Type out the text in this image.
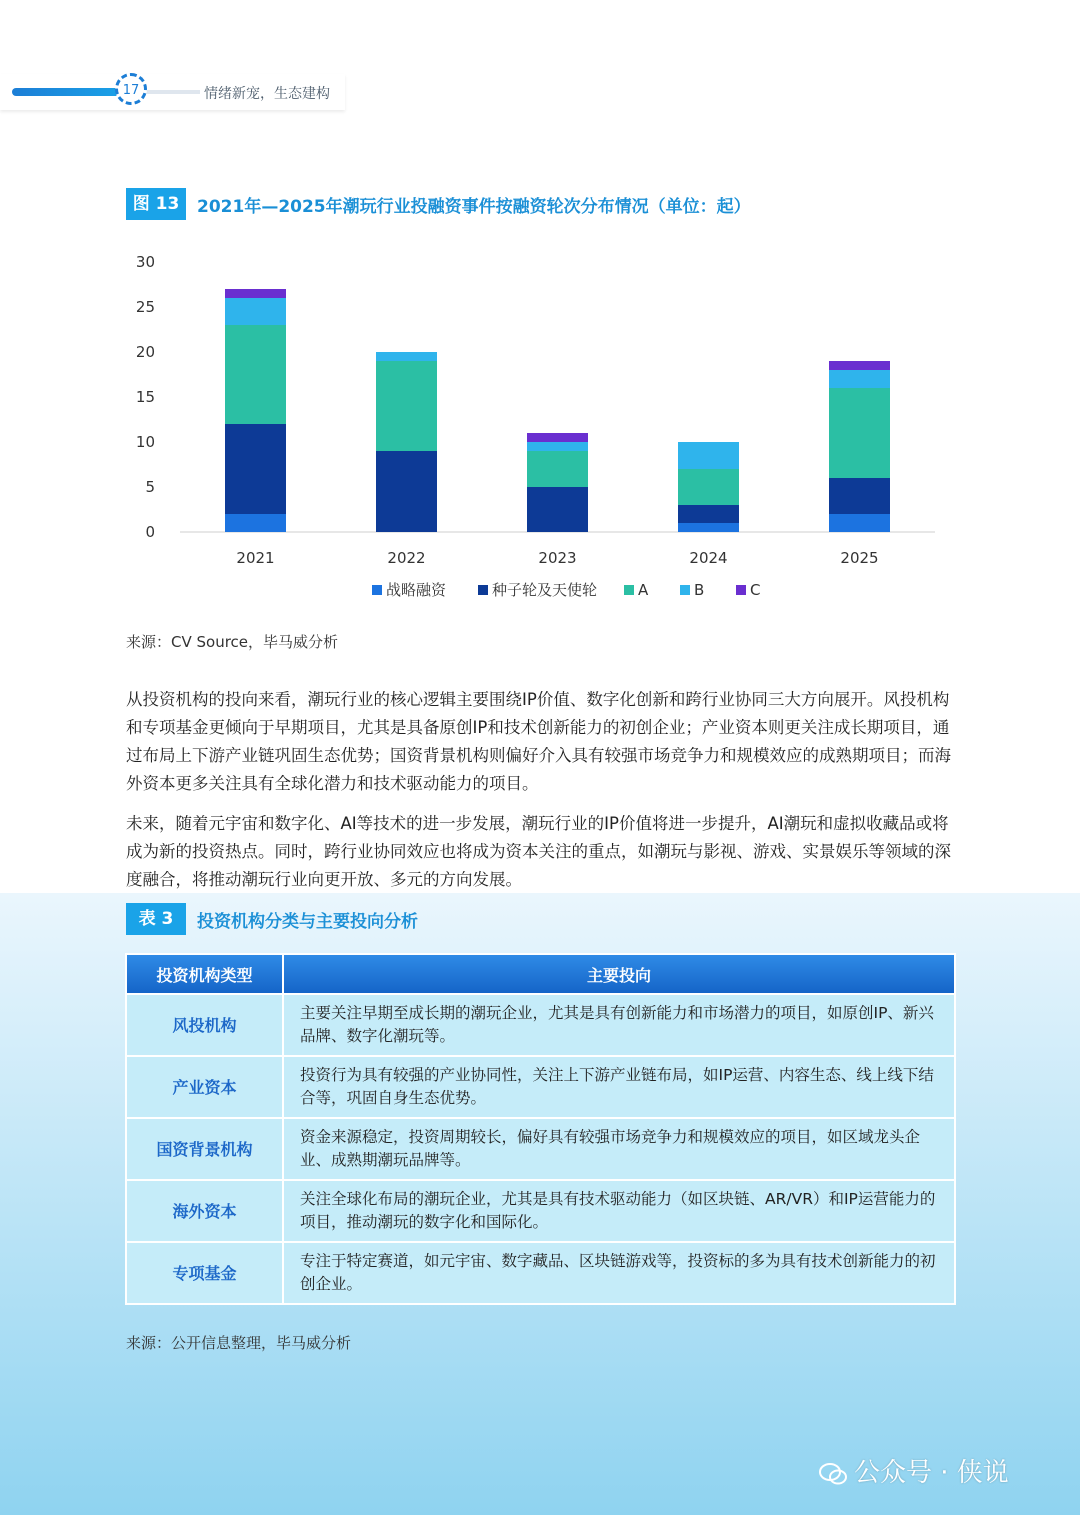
17	情绪新宠，生态建构
图 13	2021年—2025年潮玩行业投融资事件按融资轮次分布情况（单位：起）
0
5
10
15
20
25
30
2021	2022	2023	2024	2025
战略融资	种子轮及天使轮	A	B	C
来源：CV Source，毕马威分析
从投资机构的投向来看，潮玩行业的核心逻辑主要围绕IP价值、数字化创新和跨行业协同三大方向展开。风投机构和专项基金更倾向于早期项目，尤其是具备原创IP和技术创新能力的初创企业；产业资本则更关注成长期项目，通过布局上下游产业链巩固生态优势；国资背景机构则偏好介入具有较强市场竞争力和规模效应的成熟期项目；而海外资本更多关注具有全球化潜力和技术驱动能力的项目。
未来，随着元宇宙和数字化、AI等技术的进一步发展，潮玩行业的IP价值将进一步提升，AI潮玩和虚拟收藏品或将成为新的投资热点。同时，跨行业协同效应也将成为资本关注的重点，如潮玩与影视、游戏、实景娱乐等领域的深度融合，将推动潮玩行业向更开放、多元的方向发展。
表 3	投资机构分类与主要投向分析
投资机构类型	主要投向
风投机构	主要关注早期至成长期的潮玩企业，尤其是具有创新能力和市场潜力的项目，如原创IP、新兴品牌、数字化潮玩等。
产业资本	投资行为具有较强的产业协同性，关注上下游产业链布局，如IP运营、内容生态、线上线下结合等，巩固自身生态优势。
国资背景机构	资金来源稳定，投资周期较长，偏好具有较强市场竞争力和规模效应的项目，如区域龙头企业、成熟期潮玩品牌等。
海外资本	关注全球化布局的潮玩企业，尤其是具有技术驱动能力（如区块链、AR/VR）和IP运营能力的项目，推动潮玩的数字化和国际化。
专项基金	专注于特定赛道，如元宇宙、数字藏品、区块链游戏等，投资标的多为具有技术创新能力的初创企业。
来源：公开信息整理，毕马威分析
公众号 · 侠说
